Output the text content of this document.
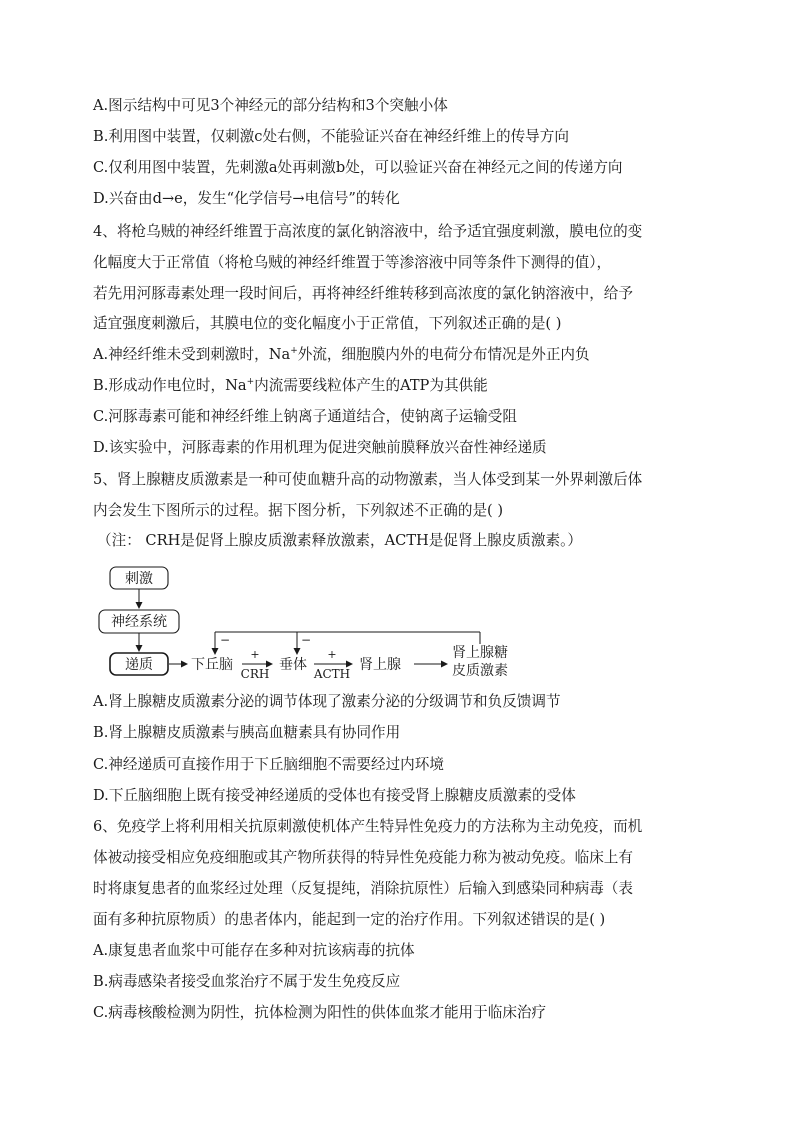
A.图示结构中可见3个神经元的部分结构和3个突触小体
B.利用图中装置，仅刺激c处右侧，不能验证兴奋在神经纤维上的传导方向
C.仅利用图中装置，先刺激a处再刺激b处，可以验证兴奋在神经元之间的传递方向
D.兴奋由d→e，发生“化学信号→电信号”的转化
4、将枪乌贼的神经纤维置于高浓度的氯化钠溶液中，给予适宜强度刺激，膜电位的变
化幅度大于正常值（将枪乌贼的神经纤维置于等渗溶液中同等条件下测得的值），
若先用河豚毒素处理一段时间后，再将神经纤维转移到高浓度的氯化钠溶液中，给予
适宜强度刺激后，其膜电位的变化幅度小于正常值，下列叙述正确的是( )
A.神经纤维未受到刺激时，Na+外流，细胞膜内外的电荷分布情况是外正内负
B.形成动作电位时，Na+内流需要线粒体产生的ATP为其供能
C.河豚毒素可能和神经纤维上钠离子通道结合，使钠离子运输受阻
D.该实验中，河豚毒素的作用机理为促进突触前膜释放兴奋性神经递质
5、肾上腺糖皮质激素是一种可使血糖升高的动物激素，当人体受到某一外界刺激后体
内会发生下图所示的过程。据下图分析，下列叙述不正确的是( )
（注： CRH是促肾上腺皮质激素释放激素，ACTH是促肾上腺皮质激素。）
刺激
神经系统
递质	下丘脑
+
CRH
垂体
+
ACTH
肾上腺
肾上腺糖
皮质激素
−	−
A.肾上腺糖皮质激素分泌的调节体现了激素分泌的分级调节和负反馈调节
B.肾上腺糖皮质激素与胰高血糖素具有协同作用
C.神经递质可直接作用于下丘脑细胞不需要经过内环境
D.下丘脑细胞上既有接受神经递质的受体也有接受肾上腺糖皮质激素的受体
6、免疫学上将利用相关抗原刺激使机体产生特异性免疫力的方法称为主动免疫，而机
体被动接受相应免疫细胞或其产物所获得的特异性免疫能力称为被动免疫。临床上有
时将康复患者的血浆经过处理（反复提纯，消除抗原性）后输入到感染同种病毒（表
面有多种抗原物质）的患者体内，能起到一定的治疗作用。下列叙述错误的是( )
A.康复患者血浆中可能存在多种对抗该病毒的抗体
B.病毒感染者接受血浆治疗不属于发生免疫反应
C.病毒核酸检测为阴性，抗体检测为阳性的供体血浆才能用于临床治疗
